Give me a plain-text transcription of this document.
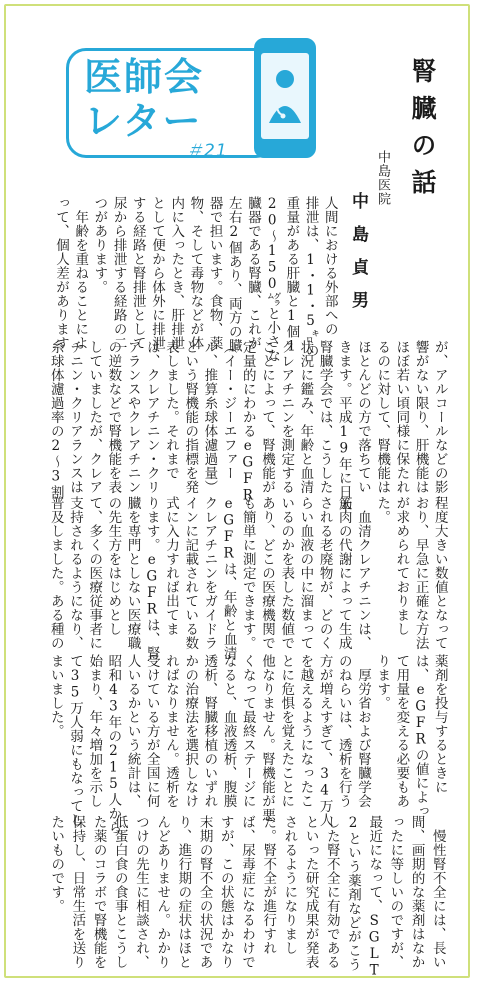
医師会
レター
＃21	腎臓の話
中島医院
中島貞男
人間における外部への
排泄は、1・1・5㌔の
重量がある肝臓と1個1
20〜150㌘と小さな
臓器である腎臓、これが
左右2個あり、両方の臓
器で担います。食物、薬
物、そして毒物などが体
内に入ったとき、肝排泄
として便から体外に排泄
する経路と腎排泄として
尿から排泄する経路の二
つがあります。
　年齢を重ねることによ
って、個人差があります
が、アルコールなどの影
響がない限り、肝機能は
ほぼ若い頃同様に保たれ
るのに対して、腎機能は
ほとんどの方で落ちてい
きます。平成19年に日本
腎臓学会では、こうした
状況に鑑み、年齢と血清
クレアチニンを測定する
ことによって、腎機能が
定量的にわかるeGFR
（イー・ジーエファー
ル、推算糸球体濾過量）
という腎機能の指標を発
表しました。それまで
は、クレアチニン・クリ
アランスやクレアチニン
の逆数などで腎機能を表
していましたが、クレア
チニン・クリアランスは
糸球体濾過率の2〜3割
程度大きい数値となって
おり、早急に正確な方法
が求められておりまし
た。
　血清クレアチニンは、
筋肉の代謝によって生成
される老廃物が、どのく
らい血液の中に溜まって
いるのかを表した数値で
あり、どこの医療機関で
も簡単に測定できます。
eGFRは、年齢と血清
クレアチニンをガイドラ
インに記載されている数
式に入力すれば出てま
ります。eGFRは、腎
臓を専門としない医療職
の先生方をはじめとし
て、多くの医療従事者に
支持されるようになり、
普及しました。ある種の
薬剤を投与するときに
は、eGFRの値によっ
て用量を変える必要もあ
ります。
　厚労省および腎臓学会
のねらいは、透析を行う
方が増えすぎて、34万人
を越えるようになったこ
とに危惧を覚えたことに
他なりません。腎機能が悪
くなって最終ステージに
なると、血液透析、腹膜
透析、腎臓移植のいずれ
かの治療法を選択しなけ
ればなりません。透析を
受けている方が全国に何
人いるかという統計は、
昭和43年の215人から
始まり、年々増加を示し
て35万人弱にもなってし
まいました。
　慢性腎不全には、長い
間、画期的な薬剤はなか
ったに等しいのですが、
最近になって、SGLT
2という薬剤などがこう
した腎不全に有効である
といった研究成果が発表
されるようになりまし
た。腎不全が進行すれ
ば、尿毒症になるわけで
すが、この状態はかなり
末期の腎不全の状況であ
り、進行期の症状はほと
んどありません。かかり
つけの先生に相談され、
低蛋白食の食事とこうし
た薬のコラボで腎機能を
保持し、日常生活を送り
たいものです。
